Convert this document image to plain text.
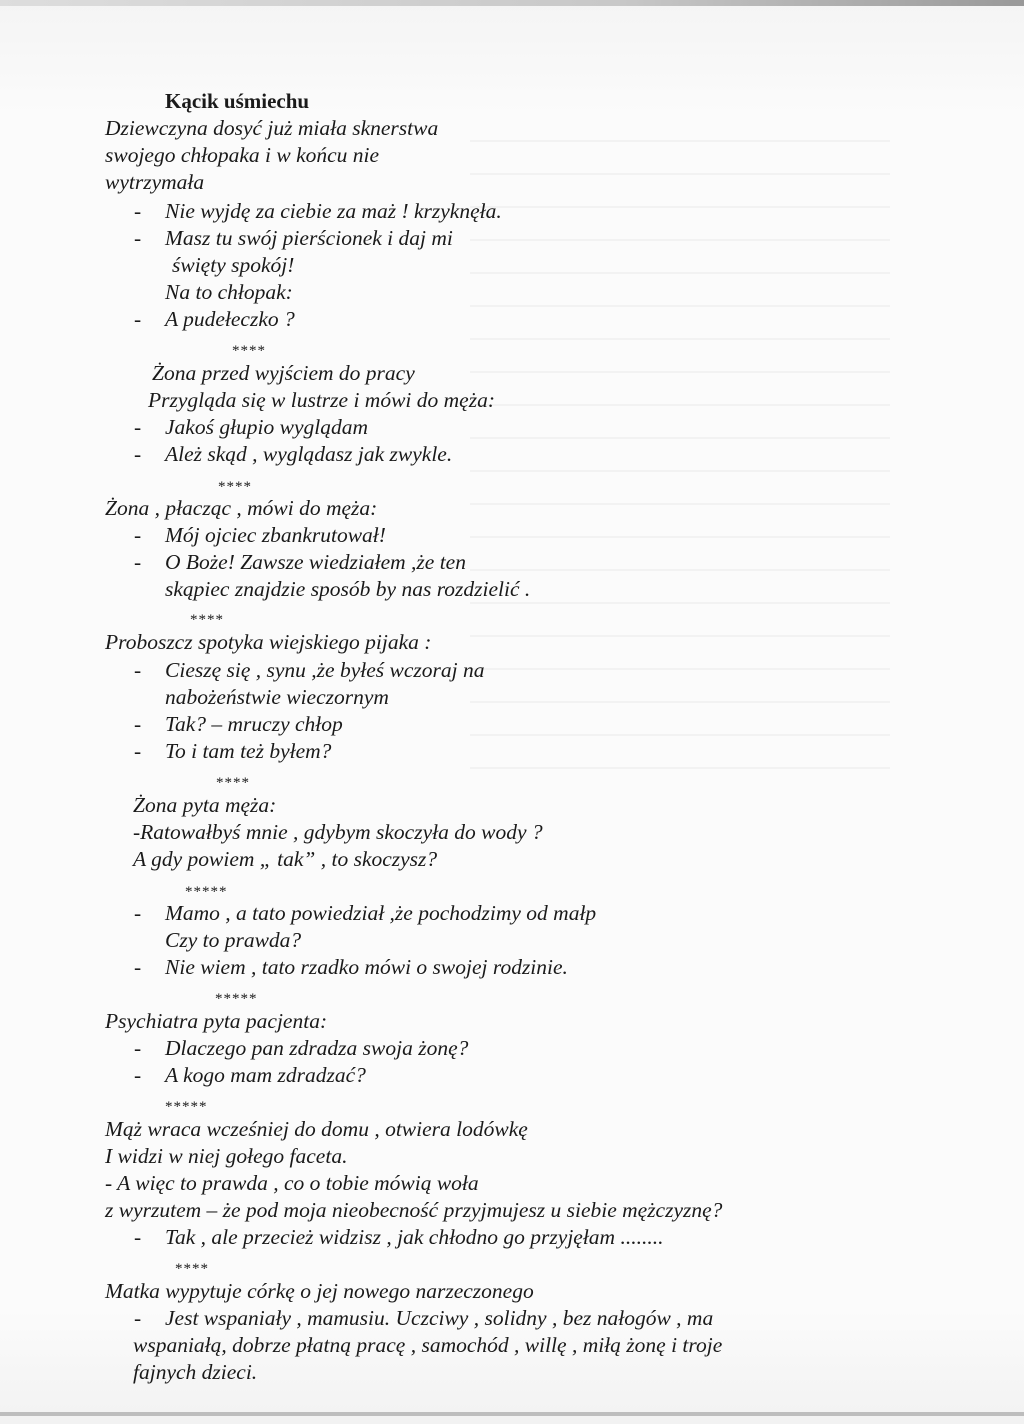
Kącik uśmiechu
Dziewczyna dosyć już miała sknerstwa
swojego chłopaka i w końcu nie
wytrzymała
- Nie wyjdę za ciebie za maż ! krzyknęła.
- Masz tu swój pierścionek i daj mi
święty spokój!
Na to chłopak:
- A pudełeczko ?
****
Żona przed wyjściem do pracy
Przygląda się w lustrze i mówi do męża:
- Jakoś głupio wyglądam
- Ależ skąd , wyglądasz jak zwykle.
****
Żona , płacząc , mówi do męża:
- Mój ojciec zbankrutował!
- O Boże! Zawsze wiedziałem ,że ten
skąpiec znajdzie sposób by nas rozdzielić .
****
Proboszcz spotyka wiejskiego pijaka :
- Cieszę się , synu ,że byłeś wczoraj na
nabożeństwie wieczornym
- Tak? – mruczy chłop
- To i tam też byłem?
****
Żona pyta męża:
-Ratowałbyś mnie , gdybym skoczyła do wody ?
A gdy powiem „ tak” , to skoczysz?
*****
- Mamo , a tato powiedział ,że pochodzimy od małp
Czy to prawda?
- Nie wiem , tato rzadko mówi o swojej rodzinie.
*****
Psychiatra pyta pacjenta:
- Dlaczego pan zdradza swoja żonę?
- A kogo mam zdradzać?
*****
Mąż wraca wcześniej do domu , otwiera lodówkę
I widzi w niej gołego faceta.
- A więc to prawda , co o tobie mówią woła
z wyrzutem – że pod moja nieobecność przyjmujesz u siebie mężczyznę?
- Tak , ale przecież widzisz , jak chłodno go przyjęłam ........
****
Matka wypytuje córkę o jej nowego narzeczonego
- Jest wspaniały , mamusiu. Uczciwy , solidny , bez nałogów , ma
wspaniałą, dobrze płatną pracę , samochód , willę , miłą żonę i troje
fajnych dzieci.
